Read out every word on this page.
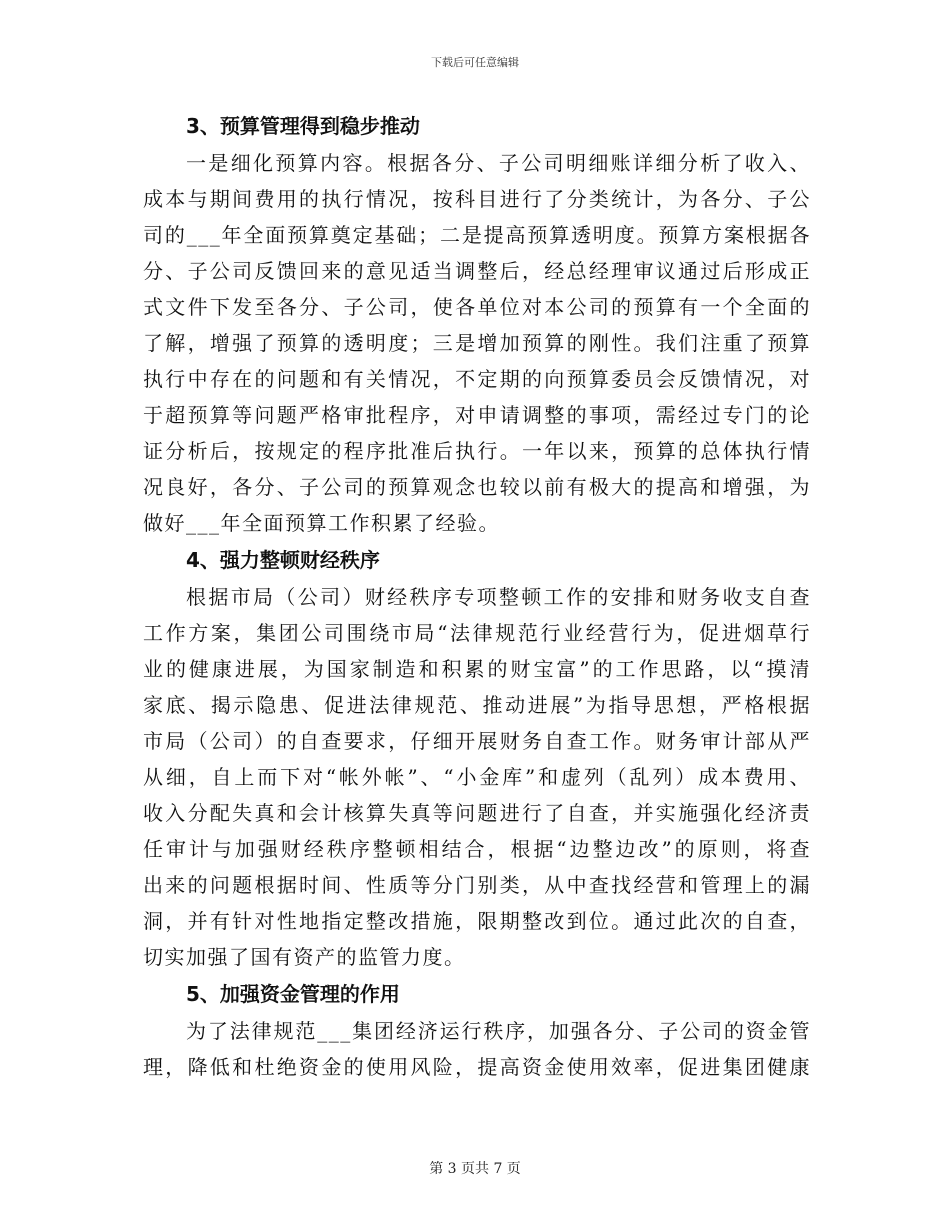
下载后可任意编辑
3、预算管理得到稳步推动
一是细化预算内容。根据各分、子公司明细账详细分析了收入、
成本与期间费用的执行情况，按科目进行了分类统计，为各分、子公
司的___年全面预算奠定基础；二是提高预算透明度。预算方案根据各
分、子公司反馈回来的意见适当调整后，经总经理审议通过后形成正
式文件下发至各分、子公司，使各单位对本公司的预算有一个全面的
了解，增强了预算的透明度；三是增加预算的刚性。我们注重了预算
执行中存在的问题和有关情况，不定期的向预算委员会反馈情况，对
于超预算等问题严格审批程序，对申请调整的事项，需经过专门的论
证分析后，按规定的程序批准后执行。一年以来，预算的总体执行情
况良好，各分、子公司的预算观念也较以前有极大的提高和增强，为
做好___年全面预算工作积累了经验。
4、强力整顿财经秩序
根据市局（公司）财经秩序专项整顿工作的安排和财务收支自查
工作方案，集团公司围绕市局“法律规范行业经营行为，促进烟草行
业的健康进展，为国家制造和积累的财宝富”的工作思路，以“摸清
家底、揭示隐患、促进法律规范、推动进展”为指导思想，严格根据
市局（公司）的自查要求，仔细开展财务自查工作。财务审计部从严
从细，自上而下对“帐外帐”、“小金库”和虚列（乱列）成本费用、
收入分配失真和会计核算失真等问题进行了自查，并实施强化经济责
任审计与加强财经秩序整顿相结合，根据“边整边改”的原则，将查
出来的问题根据时间、性质等分门别类，从中查找经营和管理上的漏
洞，并有针对性地指定整改措施，限期整改到位。通过此次的自查，
切实加强了国有资产的监管力度。
5、加强资金管理的作用
为了法律规范___集团经济运行秩序，加强各分、子公司的资金管
理，降低和杜绝资金的使用风险，提高资金使用效率，促进集团健康
第 3 页共 7 页
